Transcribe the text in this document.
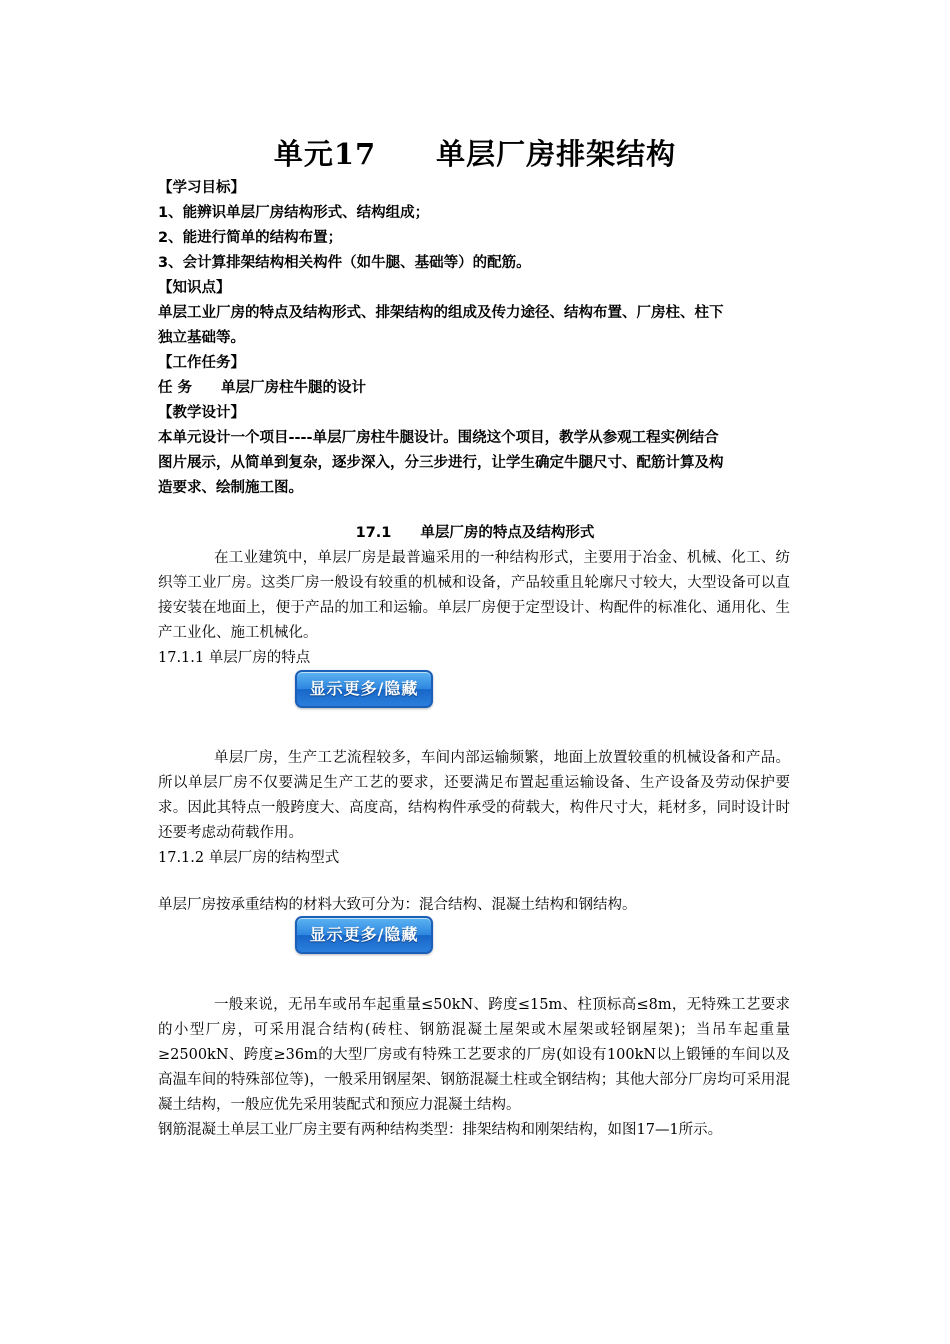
单元17　　单层厂房排架结构
【学习目标】
1、能辨识单层厂房结构形式、结构组成；
2、能进行简单的结构布置；
3、会计算排架结构相关构件（如牛腿、基础等）的配筋。
【知识点】
单层工业厂房的特点及结构形式、排架结构的组成及传力途径、结构布置、厂房柱、柱下
独立基础等。
【工作任务】
任 务　　单层厂房柱牛腿的设计
【教学设计】
本单元设计一个项目----单层厂房柱牛腿设计。围绕这个项目，教学从参观工程实例结合
图片展示，从简单到复杂，逐步深入，分三步进行，让学生确定牛腿尺寸、配筋计算及构
造要求、绘制施工图。
17.1　　单层厂房的特点及结构形式
在工业建筑中，单层厂房是最普遍采用的一种结构形式，主要用于冶金、机械、化工、纺织等工业厂房。这类厂房一般设有较重的机械和设备，产品较重且轮廓尺寸较大，大型设备可以直接安装在地面上，便于产品的加工和运输。单层厂房便于定型设计、构配件的标准化、通用化、生产工业化、施工机械化。
17.1.1 单层厂房的特点
显示更多/隐藏
单层厂房，生产工艺流程较多，车间内部运输频繁，地面上放置较重的机械设备和产品。所以单层厂房不仅要满足生产工艺的要求，还要满足布置起重运输设备、生产设备及劳动保护要求。因此其特点一般跨度大、高度高，结构构件承受的荷载大，构件尺寸大，耗材多，同时设计时还要考虑动荷载作用。
17.1.2 单层厂房的结构型式
单层厂房按承重结构的材料大致可分为：混合结构、混凝土结构和钢结构。
显示更多/隐藏
一般来说，无吊车或吊车起重量≤50kN、跨度≤15m、柱顶标高≤8m，无特殊工艺要求的小型厂房，可采用混合结构(砖柱、钢筋混凝土屋架或木屋架或轻钢屋架)；当吊车起重量≥2500kN、跨度≥36m的大型厂房或有特殊工艺要求的厂房(如设有100kN以上锻锤的车间以及高温车间的特殊部位等)，一般采用钢屋架、钢筋混凝土柱或全钢结构；其他大部分厂房均可采用混凝土结构，一般应优先采用装配式和预应力混凝土结构。
钢筋混凝土单层工业厂房主要有两种结构类型：排架结构和刚架结构，如图17—1所示。
